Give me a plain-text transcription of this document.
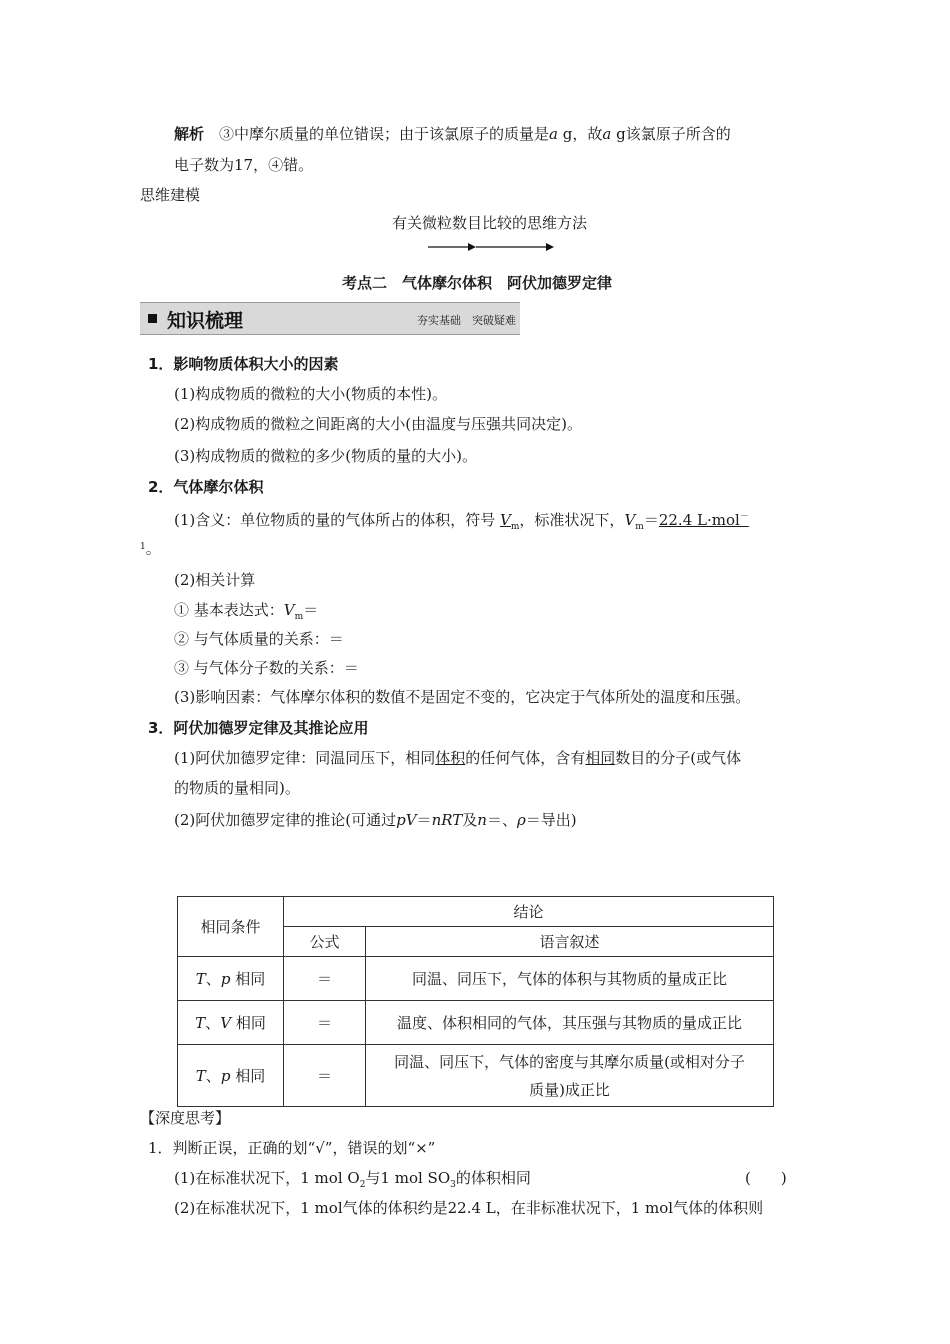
解析　 ③中摩尔质量的单位错误；由于该氯原子的质量是a g，故a g该氯原子所含的
电子数为17，④错。
思维建模
有关微粒数目比较的思维方法
考点二　气体摩尔体积　阿伏加德罗定律
知识梳理	夯实基础　突破疑难
1．影响物质体积大小的因素
(1)构成物质的微粒的大小(物质的本性)。
(2)构成物质的微粒之间距离的大小(由温度与压强共同决定)。
(3)构成物质的微粒的多少(物质的量的大小)。
2．气体摩尔体积
(1)含义：单位物质的量的气体所占的体积，符号 $V_m$，标准状况下，$V_m=22.4$ L·mol－
$^1$。
(2)相关计算
① 基本表达式：$V_m=$
② 与气体质量的关系：＝
③ 与气体分子数的关系：＝
(3)影响因素：气体摩尔体积的数值不是固定不变的，它决定于气体所处的温度和压强。
3．阿伏加德罗定律及其推论应用
(1)阿伏加德罗定律：同温同压下，相同体积的任何气体，含有相同数目的分子(或气体
的物质的量相同)。
(2)阿伏加德罗定律的推论(可通过pV＝nRT及n＝、ρ＝导出)
相同条件	结论	
	公式	语言叙述
T、p 相同	＝	同温、同压下，气体的体积与其物质的量成正比
T、V 相同	＝	温度、体积相同的气体，其压强与其物质的量成正比
T、p 相同	＝	同温、同压下，气体的密度与其摩尔质量(或相对分子
质量)成正比
【深度思考】
1．判断正误，正确的划“√”，错误的划“×”
(1)在标准状况下，1 mol $O_2$与1 mol $SO_3$的体积相同	(　　)
(2)在标准状况下，1 mol气体的体积约是22.4 L，在非标准状况下，1 mol气体的体积则
